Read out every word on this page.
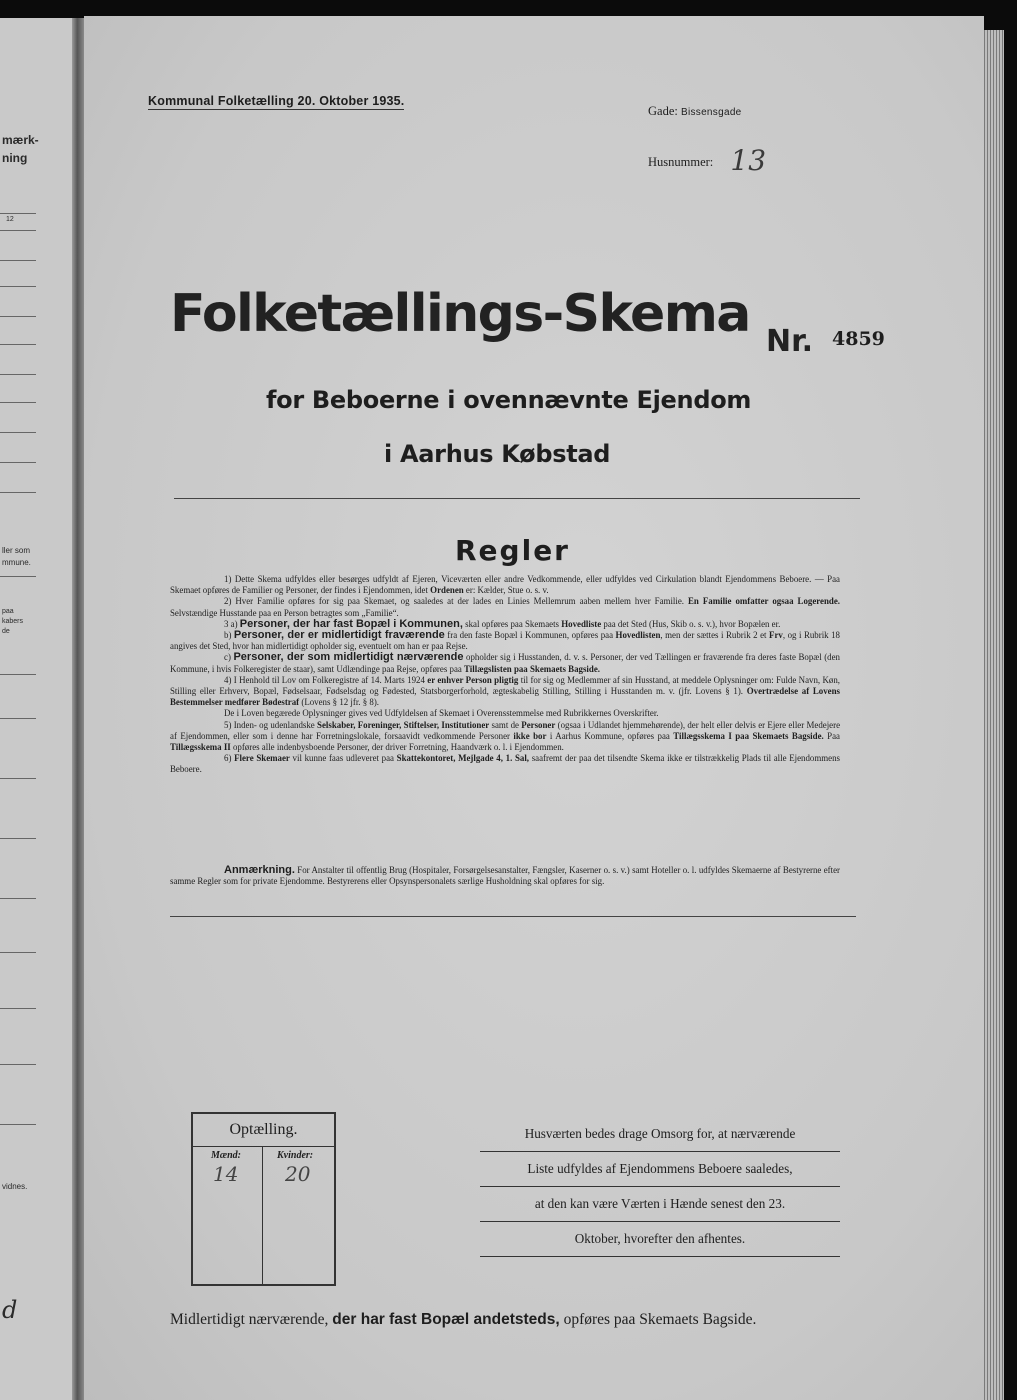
mærk-
ning
12
ller som
mmune.
paa
kabers
de
vidnes.
d
Kommunal Folketælling 20. Oktober 1935.
Gade: Bissensgade
Husnummer: 13
Folketællings-Skema Nr. 4859
for Beboerne i ovennævnte Ejendom
i Aarhus Købstad
Regler

1) Dette Skema udfyldes eller besørges udfyldt af Ejeren, Viceværten eller andre Vedkommende, eller udfyldes ved Cirkulation blandt Ejendommens Beboere. — Paa Skemaet opføres de Familier og Personer, der findes i Ejendommen, idet Ordenen er: Kælder, Stue o. s. v.

2) Hver Familie opføres for sig paa Skemaet, og saaledes at der lades en Linies Mellemrum aaben mellem hver Familie. En Familie omfatter ogsaa Logerende. Selvstændige Husstande paa en Person betragtes som „Familie“.

3 a) Personer, der har fast Bopæl i Kommunen, skal opføres paa Skemaets Hovedliste paa det Sted (Hus, Skib o. s. v.), hvor Bopælen er.

b) Personer, der er midlertidigt fraværende fra den faste Bopæl i Kommunen, opføres paa Hovedlisten, men der sættes i Rubrik 2 et Frv, og i Rubrik 18 angives det Sted, hvor han midlertidigt opholder sig, eventuelt om han er paa Rejse.

c) Personer, der som midlertidigt nærværende opholder sig i Husstanden, d. v. s. Personer, der ved Tællingen er fraværende fra deres faste Bopæl (den Kommune, i hvis Folkeregister de staar), samt Udlændinge paa Rejse, opføres paa Tillægslisten paa Skemaets Bagside.

4) I Henhold til Lov om Folkeregistre af 14. Marts 1924 er enhver Person pligtig til for sig og Medlemmer af sin Husstand, at meddele Oplysninger om: Fulde Navn, Køn, Stilling eller Erhverv, Bopæl, Fødselsaar, Fødselsdag og Fødested, Statsborgerforhold, ægteskabelig Stilling, Stilling i Husstanden m. v. (jfr. Lovens § 1). Overtrædelse af Lovens Bestemmelser medfører Bødestraf (Lovens § 12 jfr. § 8).

De i Loven begærede Oplysninger gives ved Udfyldelsen af Skemaet i Overensstemmelse med Rubrikkernes Overskrifter.

5) Inden- og udenlandske Selskaber, Foreninger, Stiftelser, Institutioner samt de Personer (ogsaa i Udlandet hjemmehørende), der helt eller delvis er Ejere eller Medejere af Ejendommen, eller som i denne har Forretningslokale, forsaavidt vedkommende Personer ikke bor i Aarhus Kommune, opføres paa Tillægsskema I paa Skemaets Bagside. Paa Tillægsskema II opføres alle indenbysboende Personer, der driver Forretning, Haandværk o. l. i Ejendommen.

6) Flere Skemaer vil kunne faas udleveret paa Skattekontoret, Mejlgade 4, 1. Sal, saafremt der paa det tilsendte Skema ikke er tilstrækkelig Plads til alle Ejendommens Beboere.

Anmærkning. For Anstalter til offentlig Brug (Hospitaler, Forsørgelsesanstalter, Fængsler, Kaserner o. s. v.) samt Hoteller o. l. udfyldes Skemaerne af Bestyrerne efter samme Regler som for private Ejendomme. Bestyrerens eller Opsynspersonalets særlige Husholdning skal opføres for sig.

Optælling.
Mænd:
14
Kvinder:
20
Husværten bedes drage Omsorg for, at nærværende
Liste udfyldes af Ejendommens Beboere saaledes,
at den kan være Værten i Hænde senest den 23.
Oktober, hvorefter den afhentes.
Midlertidigt nærværende, der har fast Bopæl andetsteds, opføres paa Skemaets Bagside.
